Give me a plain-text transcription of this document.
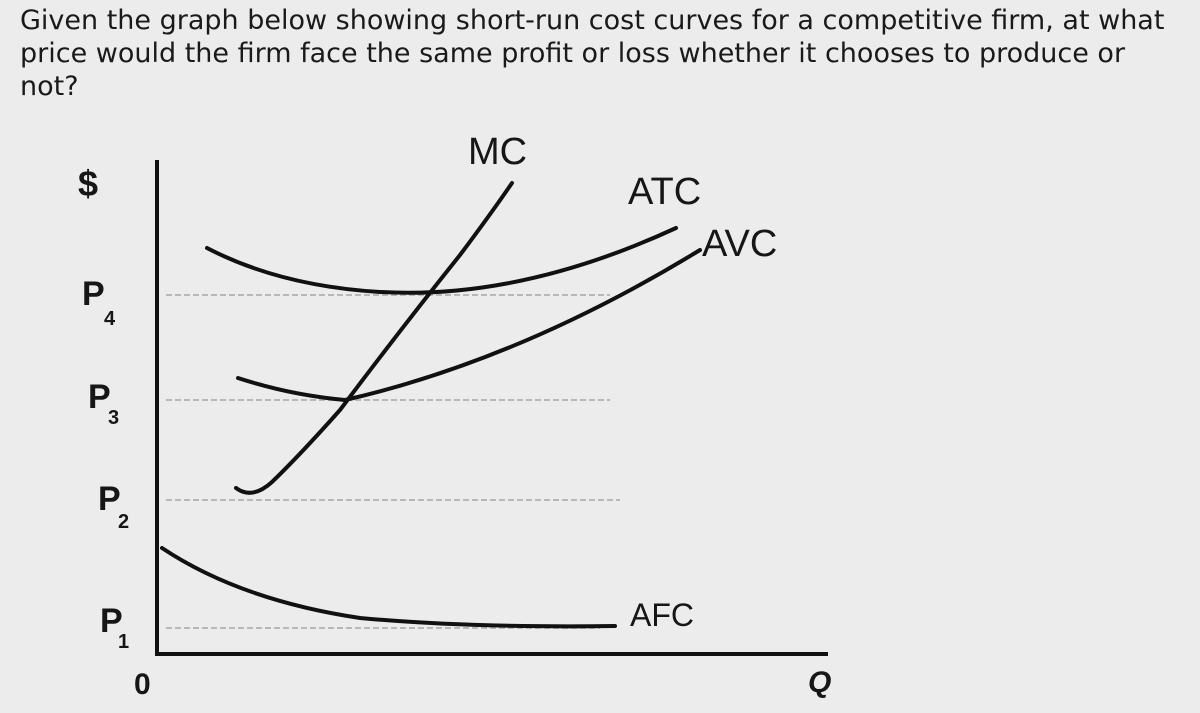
Given the graph below showing short-run cost curves for a competitive firm, at what price would the firm face the same profit or loss whether it chooses to produce or not?

$
Q
0
P
4
P
3
P
2
P
1
MC
ATC
AVC
AFC
